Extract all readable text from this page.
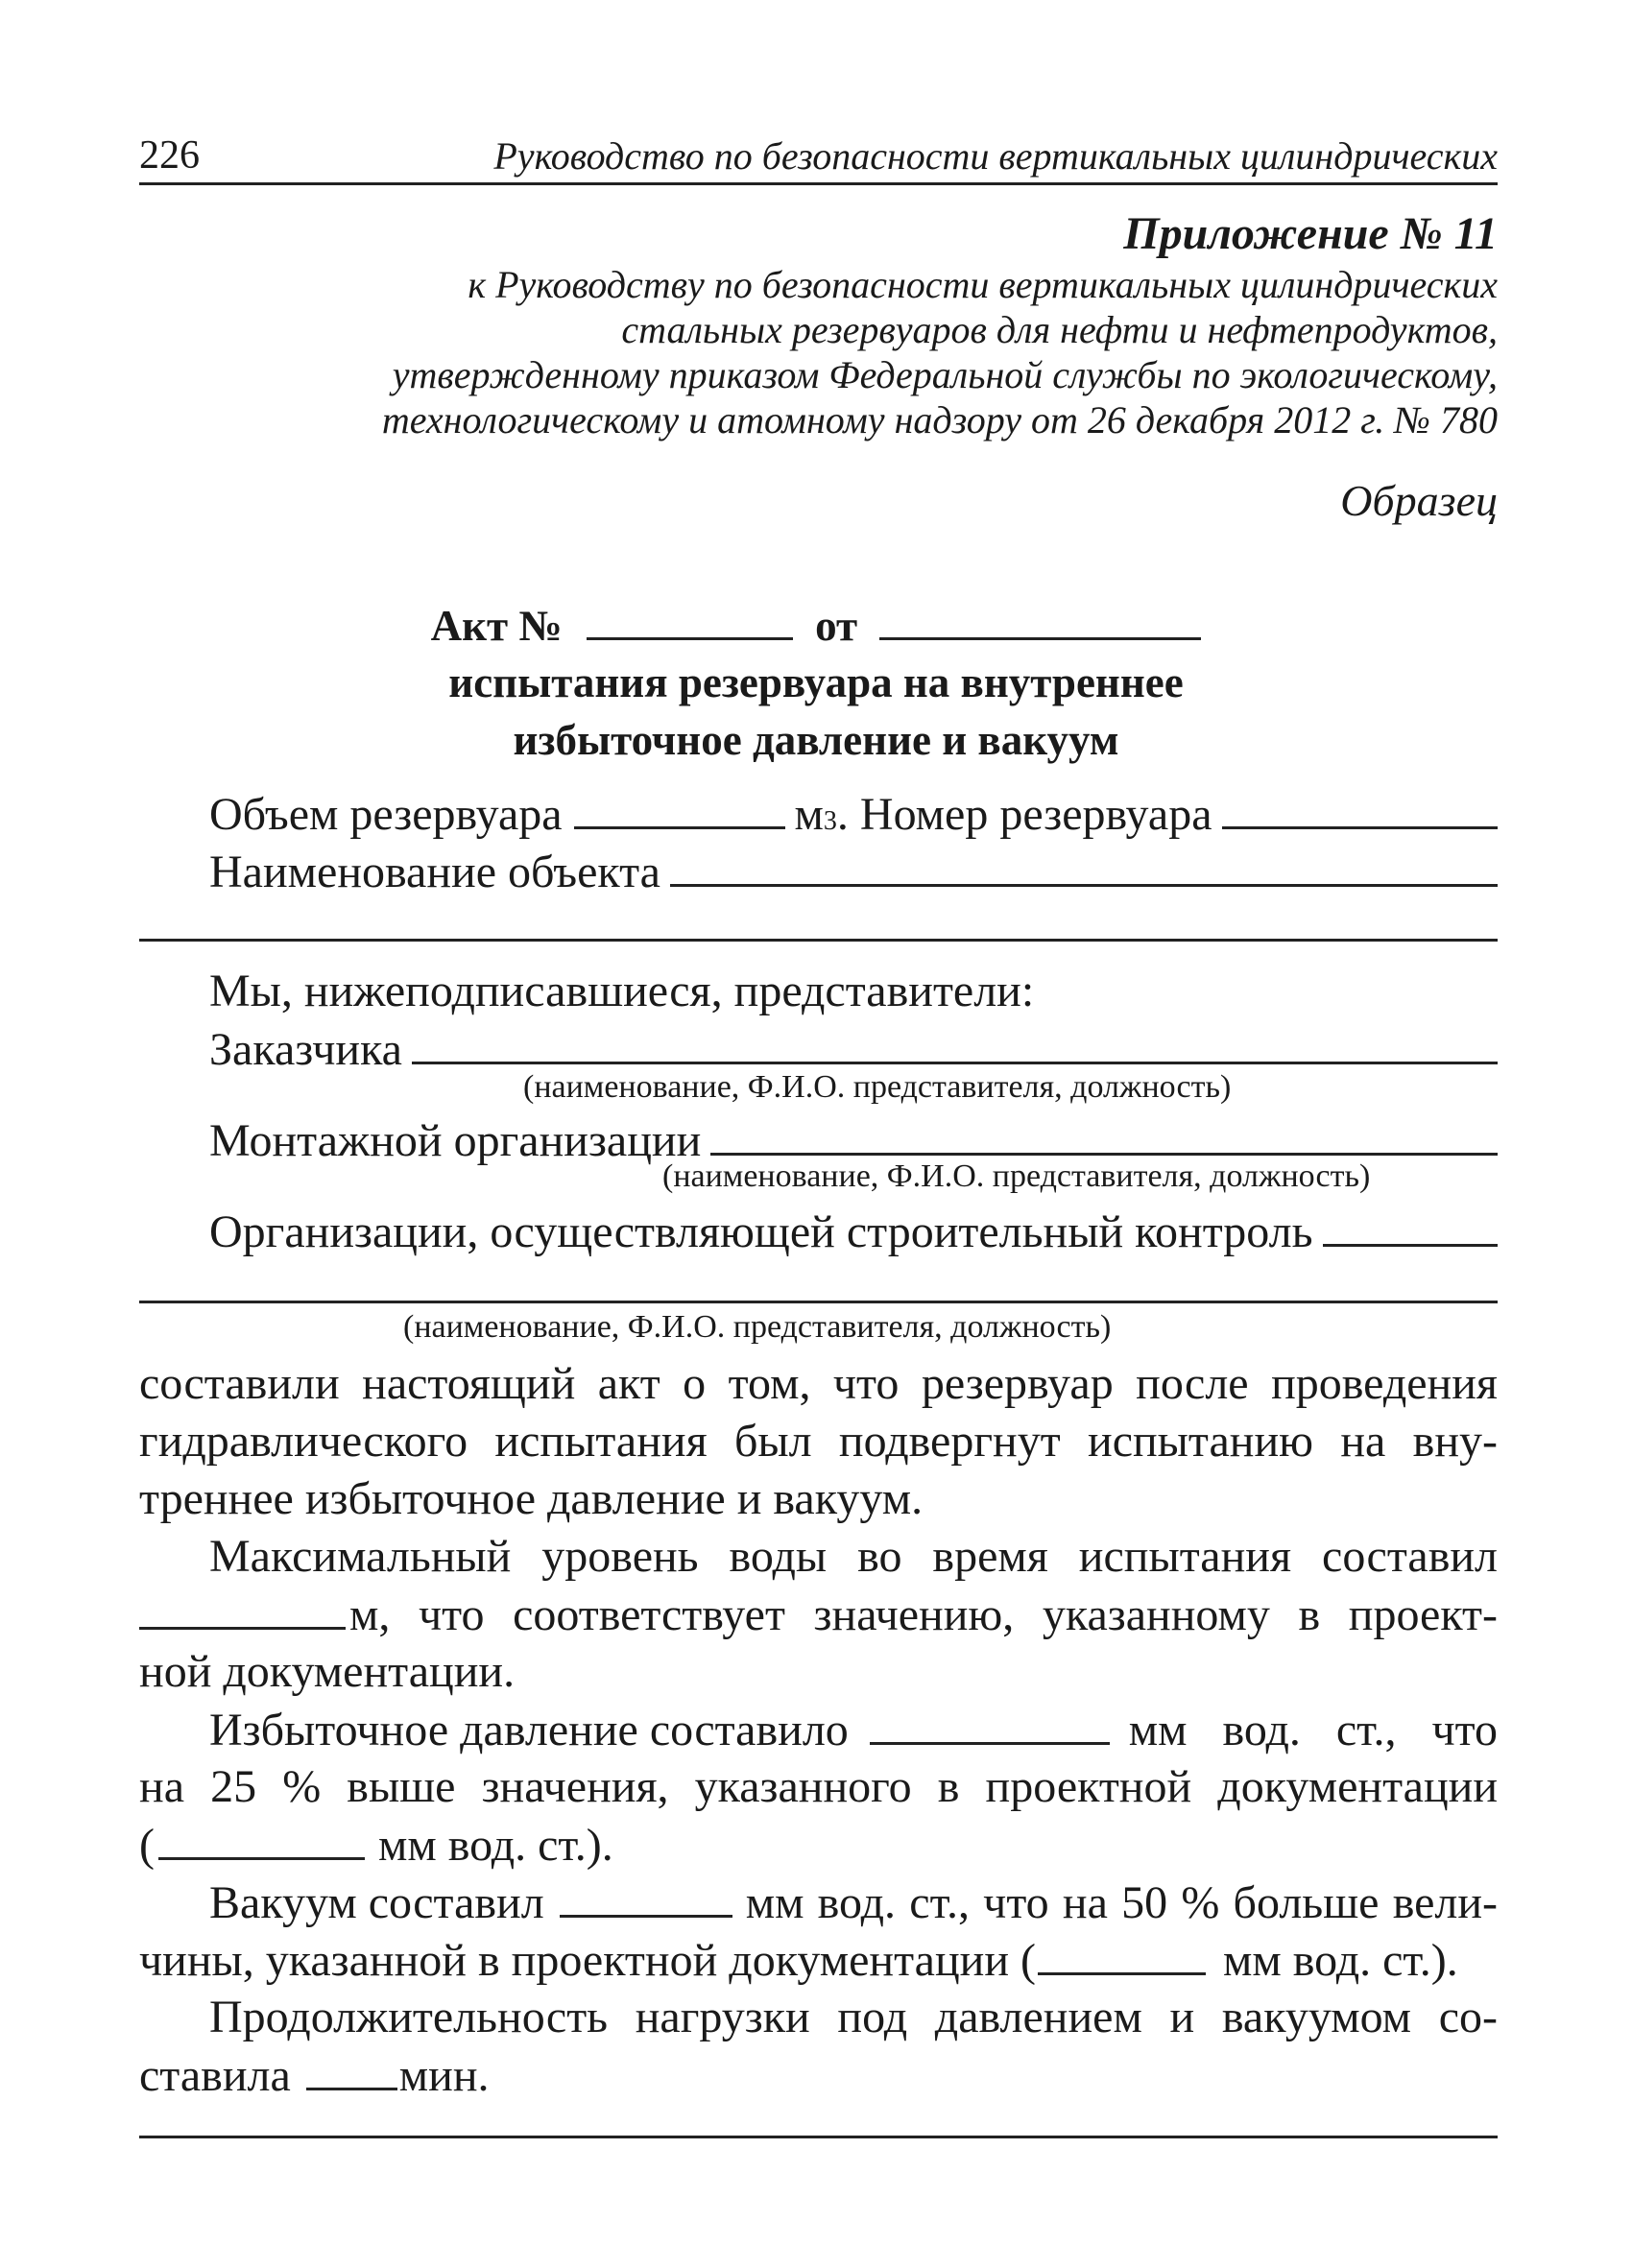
226	Руководство по безопасности вертикальных цилиндрических
Приложение № 11
к Руководству по безопасности вертикальных цилиндрических
стальных резервуаров для нефти и нефтепродуктов,
утвержденному приказом Федеральной службы по экологическому,
технологическому и атомному надзору от 26 декабря 2012 г. № 780
Образец
Акт №	от
испытания резервуара на внутреннее
избыточное давление и вакуум
Объем резервуара	м 3 . Номер резервуара
Наименование объекта
Мы, нижеподписавшиеся, представители:
Заказчика
(наименование, Ф.И.О. представителя, должность)
Монтажной организации
(наименование, Ф.И.О. представителя, должность)
Организации, осуществляющей строительный контроль
(наименование, Ф.И.О. представителя, должность)
составили настоящий акт о том, что резервуар после проведения
гидравлического испытания был подвергнут испытанию на вну-
треннее избыточное давление и вакуум.
Максимальный уровень воды во время испытания составил
м, что соответствует значению, указанному в проект-
ной документации.
Избыточное давление составило	мм вод. ст., что
на 25 % выше значения, указанного в проектной документации
(	мм вод. ст.).
Вакуум составил	мм вод. ст., что на 50 % больше вели-
чины, указанной в проектной документации (	мм вод. ст.).
Продолжительность нагрузки под давлением и вакуумом со-
ставила мин.
